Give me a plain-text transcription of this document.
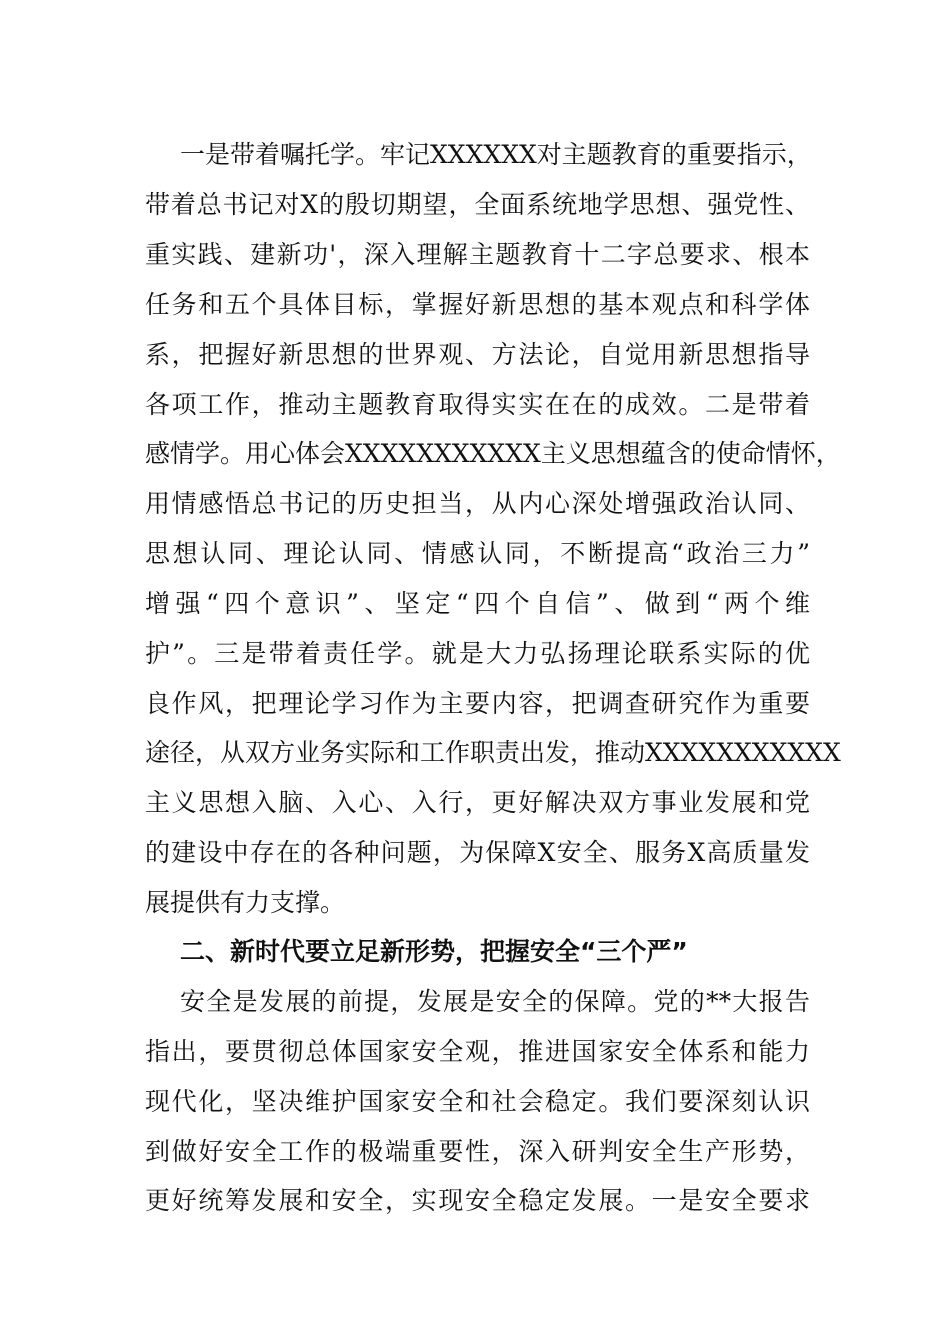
一是带着嘱托学。牢记XXXXXX对主题教育的重要指示，
带着总书记对X的殷切期望，全面系统地学思想、强党性、
重实践、建新功'，深入理解主题教育十二字总要求、根本
任务和五个具体目标，掌握好新思想的基本观点和科学体
系，把握好新思想的世界观、方法论，自觉用新思想指导
各项工作，推动主题教育取得实实在在的成效。二是带着
感情学。用心体会XXXXXXXXXXX主义思想蕴含的使命情怀，
用情感悟总书记的历史担当，从内心深处增强政治认同、
思想认同、理论认同、情感认同，不断提高“政治三力”
增强“四个意识”、坚定“四个自信”、做到“两个维
护”。三是带着责任学。就是大力弘扬理论联系实际的优
良作风，把理论学习作为主要内容，把调查研究作为重要
途径，从双方业务实际和工作职责出发，推动XXXXXXXXXXX
主义思想入脑、入心、入行，更好解决双方事业发展和党
的建设中存在的各种问题，为保障X安全、服务X高质量发
展提供有力支撑。
二、新时代要立足新形势，把握安全“三个严”
安全是发展的前提，发展是安全的保障。党的**大报告
指出，要贯彻总体国家安全观，推进国家安全体系和能力
现代化，坚决维护国家安全和社会稳定。我们要深刻认识
到做好安全工作的极端重要性，深入研判安全生产形势，
更好统筹发展和安全，实现安全稳定发展。一是安全要求
